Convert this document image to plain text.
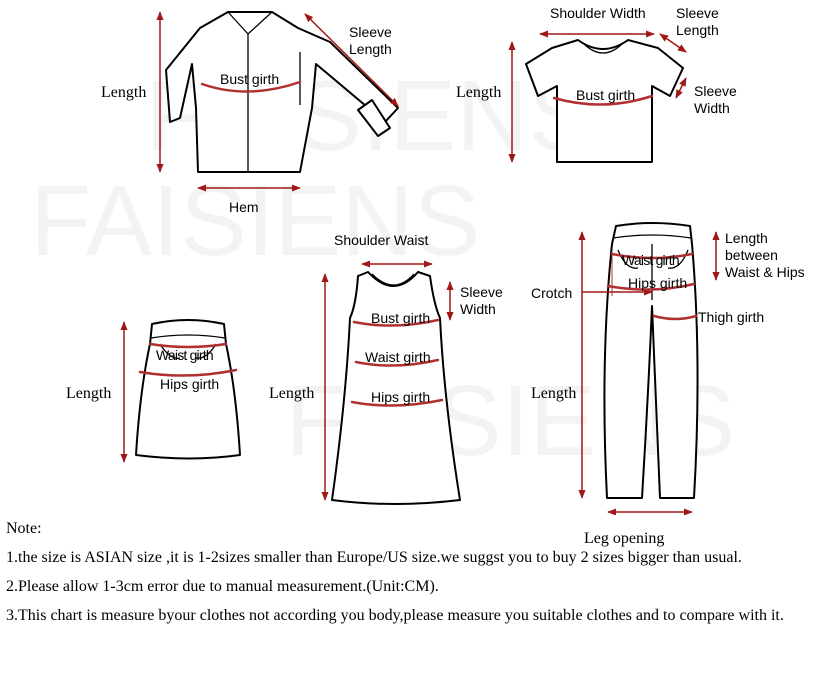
Length
Bust girth
Sleeve
Length
Hem
Length	Bust girth
Shoulder Width Sleeve
Length
Sleeve
Width
Length
Waist girth
Hips girth
Shoulder Waist
Length
Sleeve
Width
Bust girth
Waist girth
Hips girth
Waist girth
Hips girth
Crotch
Thigh girth
Length
between
Waist & Hips
Length

Note:

Leg opening

1.the size is ASIAN size ,it is 1-2sizes smaller than Europe/US size.we suggst you to buy 2 sizes bigger than usual.

2.Please allow 1-3cm error due to manual measurement.(Unit:CM).

3.This chart is measure byour clothes not according you body,please measure you suitable clothes and to compare with it.
